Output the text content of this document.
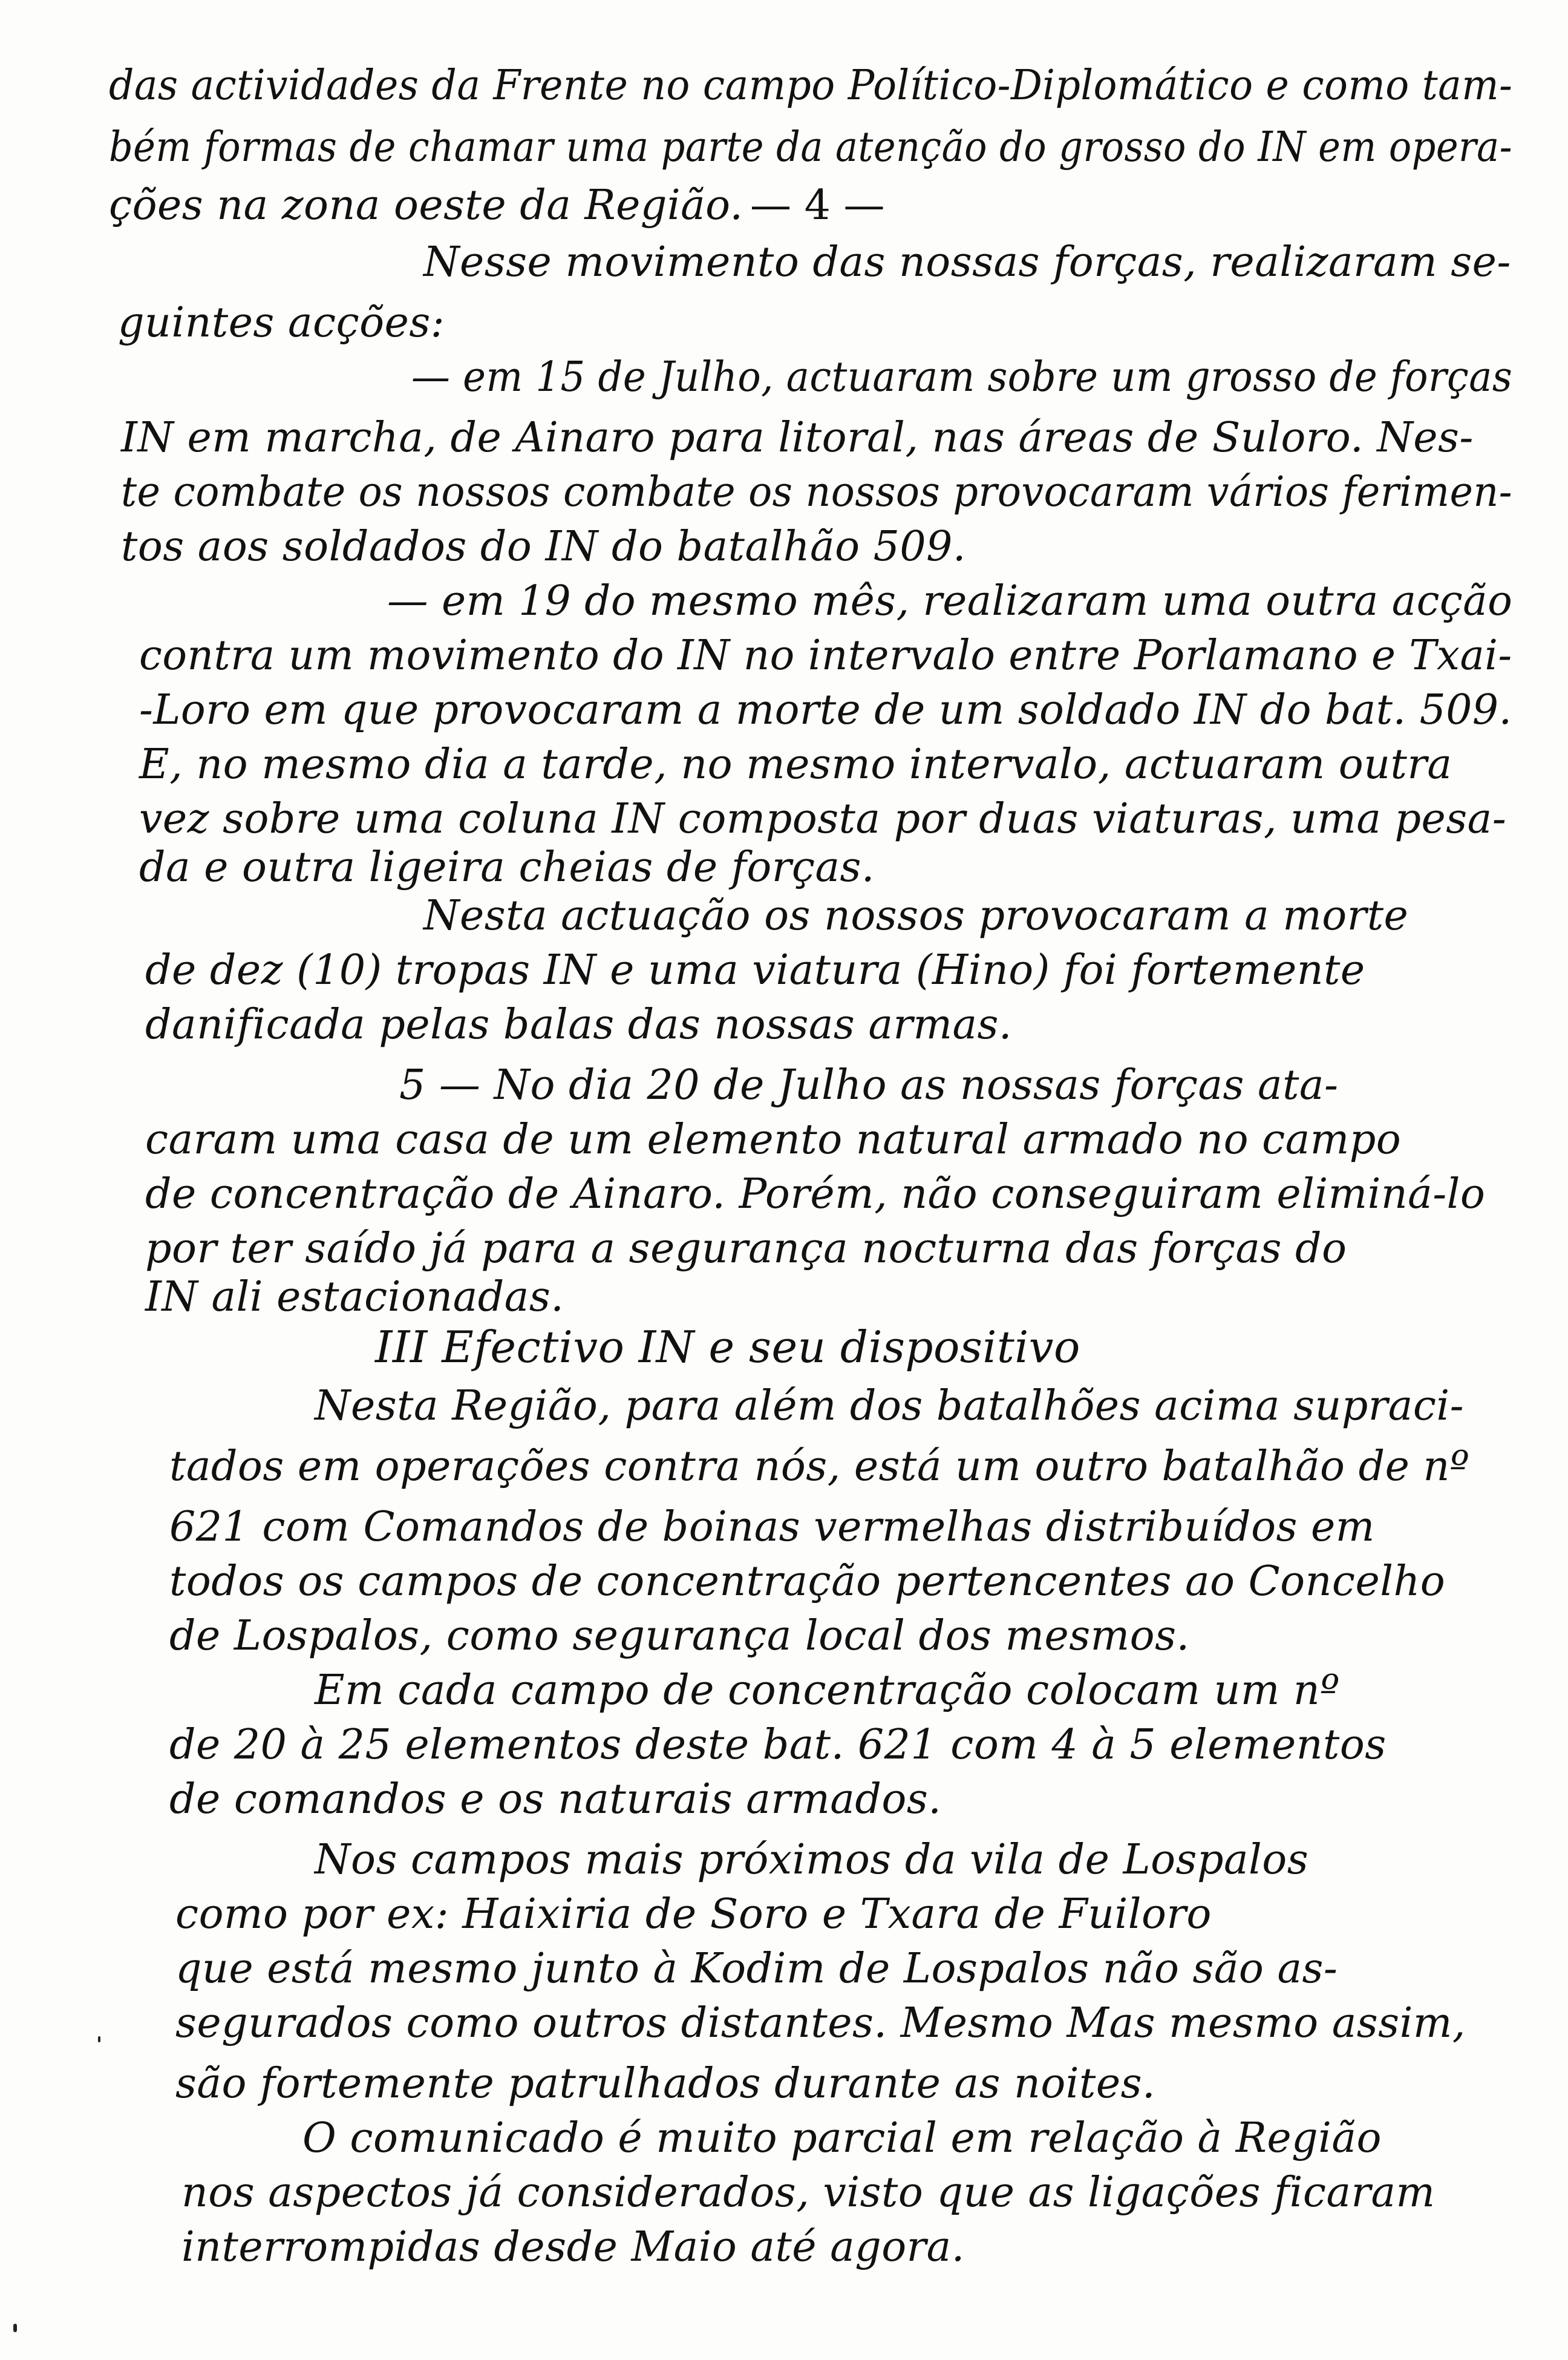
das actividades da Frente no campo Político-Diplomático e como tam-
bém formas de chamar uma parte da atenção do grosso do IN em opera-
ções na zona oeste da Região. — 4 —
Nesse movimento das nossas forças, realizaram se-
guintes acções:
— em 15 de Julho, actuaram sobre um grosso de forças
IN em marcha, de Ainaro para litoral, nas áreas de Suloro. Nes-
te combate os nossos combate os nossos provocaram vários ferimen-
tos aos soldados do IN do batalhão 509.
— em 19 do mesmo mês, realizaram uma outra acção
contra um movimento do IN no intervalo entre Porlamano e Txai-
-Loro em que provocaram a morte de um soldado IN do bat. 509.
E, no mesmo dia a tarde, no mesmo intervalo, actuaram outra
vez sobre uma coluna IN composta por duas viaturas, uma pesa-
da e outra ligeira cheias de forças.
Nesta actuação os nossos provocaram a morte
de dez (10) tropas IN e uma viatura (Hino) foi fortemente
danificada pelas balas das nossas armas.
5 — No dia 20 de Julho as nossas forças ata-
caram uma casa de um elemento natural armado no campo
de concentração de Ainaro. Porém, não conseguiram eliminá-lo
por ter saído já para a segurança nocturna das forças do
IN ali estacionadas.
III Efectivo IN e seu dispositivo
Nesta Região, para além dos batalhões acima supraci-
tados em operações contra nós, está um outro batalhão de nº
621 com Comandos de boinas vermelhas distribuídos em
todos os campos de concentração pertencentes ao Concelho
de Lospalos, como segurança local dos mesmos.
Em cada campo de concentração colocam um nº
de 20 à 25 elementos deste bat. 621 com 4 à 5 elementos
de comandos e os naturais armados.
Nos campos mais próximos da vila de Lospalos
como por ex: Haixiria de Soro e Txara de Fuiloro
que está mesmo junto à Kodim de Lospalos não são as-
segurados como outros distantes. Mesmo Mas mesmo assim,
são fortemente patrulhados durante as noites.
O comunicado é muito parcial em relação à Região
nos aspectos já considerados, visto que as ligações ficaram
interrompidas desde Maio até agora.
